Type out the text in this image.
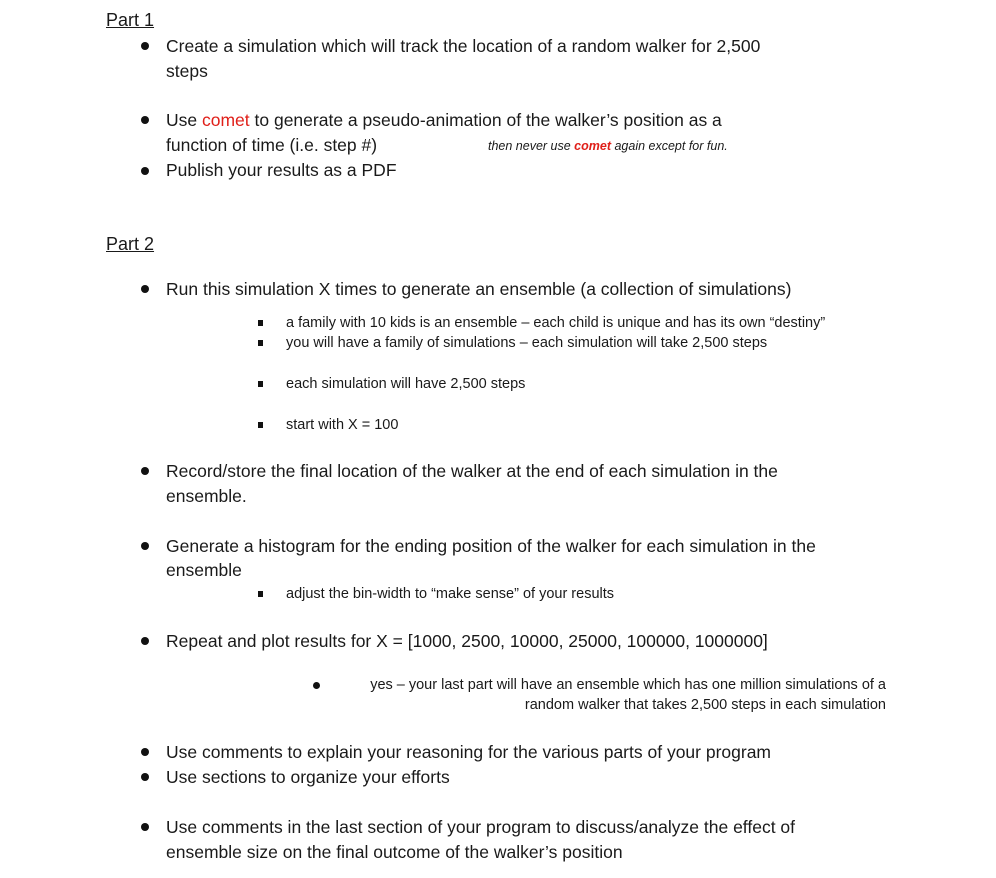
Part 1
Create a simulation which will track the location of a random walker for 2,500 steps
Use comet to generate a pseudo-animation of the walker’s position as a function of time (i.e. step #)	then never use comet again except for fun.
Publish your results as a PDF
Part 2
Run this simulation X times to generate an ensemble (a collection of simulations)
a family with 10 kids is an ensemble – each child is unique and has its own “destiny”
you will have a family of simulations – each simulation will take 2,500 steps
each simulation will have 2,500 steps
start with X = 100
Record/store the final location of the walker at the end of each simulation in the ensemble.
Generate a histogram for the ending position of the walker for each simulation in the ensemble
adjust the bin-width to “make sense” of your results
Repeat and plot results for X = [1000, 2500, 10000, 25000, 100000, 1000000]
yes – your last part will have an ensemble which has one million simulations of a random walker that takes 2,500 steps in each simulation
Use comments to explain your reasoning for the various parts of your program
Use sections to organize your efforts
Use comments in the last section of your program to discuss/analyze the effect of ensemble size on the final outcome of the walker’s position
